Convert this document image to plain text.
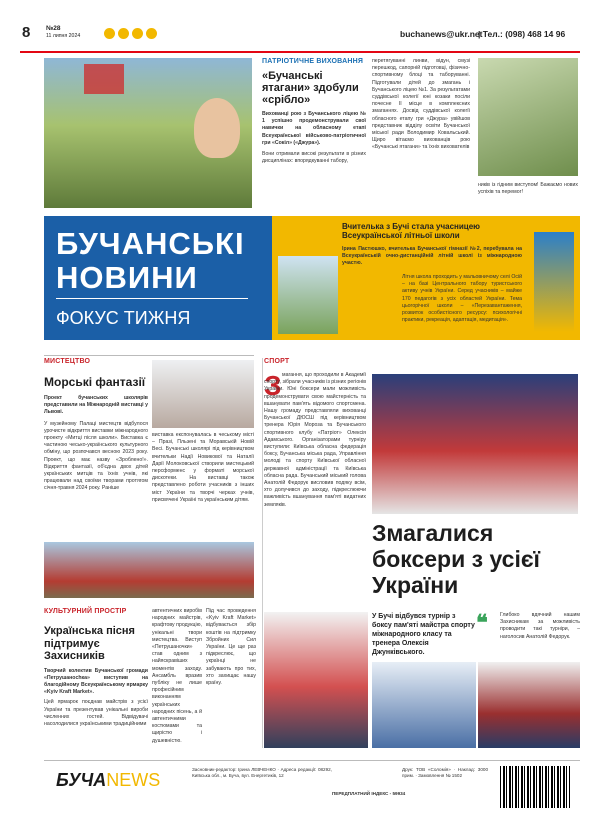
8 №28
11 липня 2024	buchanews@ukr.net
| Тел.: (098) 468 14 96
ПАТРІОТИЧНЕ ВИХОВАННЯ
«Бучанські ятагани» здобули «срібло»
Вихованці рою з Бучанського ліцею № 1 успішно продемонстрували свої навички на обласному етапі Всеукраїнської військово-патріотичної гри «Сокіл» («Джура»).
Вони отримали високі результати в різних дисциплінах: впорядкуванні табору,
перетягуванні линви, відун, смузі перешкод, сапорній підготовці, фізично-спортивному блоці та таборуванні. Підготували дітей до змагань і Бучанського ліцею №1. За результатами суддівської колегії юні козаки посіли почесне ІІ місце в комплексних змаганнях. Досвід суддівської колегії обласного етапу гри «Джура» увійшов представник відділу освіти Бучанської міської ради Володимир Ковальський. Щиро вітаємо вихованців рою «Бучанські ятагани» та їхніх вихователів
ників із гідним виступом! Бажаємо нових успіхів та перемог!
БУЧАНСЬКІ
НОВИНИ
ФОКУС ТИЖНЯ
Вчителька з Бучі стала учасницею Всеукраїнської літньої школи
Ірина Пастюшко, вчителька Бучанської гімназії №2, перебувала на Всеукраїнській очно-дистанційній літній школі із міжнародною участю.
Літня школа проходить у мальовничому селі Осій – на базі Центрального табору туристського активу учнів України. Серед учасників – майже 170 педагогів з усіх областей України. Тема цьогорічної школи – «Перезавантаження, розвиток особистісного ресурсу: психологічні практики, рекреація, адаптація, медитація».
МИСТЕЦТВО
Морські фантазії
Проект бучанських школярів представили на Міжнародній виставці у Львові.
У музейному Палаці мистецтв відбулося урочисте відкриття виставки міжнародного проекту «Митці після школи». Виставка є частиною чесько-українського культурного обміну, що розпочався весною 2023 року. Проект, що має назву «Зроблено!». Відкриття фантазії, об'єдна двох дітей українських митців та їхніх учнів, які працювали над своїми творами протягом січня-травня 2024 року. Раніше
виставка експонувалась в чеському місті – Празі, Пльзені та Моравській Новій Весі. Бучанські школярі під керівництвом вчительки Надії Новикової та Наталії Дарії Молоковської створили мистецький персформенс у форматі морської дискотеки. На виставці також представлено роботи учасників з інших міст України та творчі черках учнів, присвячені Україні та українським дітям.
КУЛЬТУРНИЙ ПРОСТІР
Українська пісня підтримує Захисників
Творчий колектив Бучанської громади «Петрушанochка» виступив на благодійному Всеукраїнському ярмарку «Kyiv Kraft Market».
Цей ярмарок поєднав майстрів з усієї України та презентував унікальні вироби численних гостей. Відвідувачі насолодилися українськими традиційними
автентичних виробів народних майстрів, крафтову продукцію, унікальні твори мистецтва. Виступ «Петрушаночки» став одним з найяскравіших моментів заходу. Ансамбль вразив публіку не лише професійним виконанням українських народних пісень, а й автентичними костюмами та щирістю і душевністю.
Під час проведення «Kyiv Kraft Market» відбувається збір коштів на підтримку Збройних Сил України. Це ще раз підкреслює, що українці не забувають про тих, хто захищає нашу країну.
СПОРТ
З магання, що проходили в Академії спорту, зібрали учасників із різних регіонів України. Юні боксери мали можливість продемонструвати свою майстерність та вшанувати пам'ять відомого спортсмена. Нашу громаду представляли вихованці Бучанської ДЮСШ під керівництвом тренера Юрія Мороза та Бучанського спортивного клубу «Патріот» Олексія Адамського. Організаторами турніру виступили: Київська обласна федерація боксу, Бучанська міська рада, Управління молоді та спорту Київської обласної державної адміністрації та Київська обласна рада. Бучанський міський голова Анатолій Федорук висловив подяку всім, хто долучився до заходу, підкреслюючи важливість вшанування пам'яті видатних земляків.
Змагалися боксери з усієї України
У Бучі відбувся турнір з боксу пам'яті майстра спорту міжнародного класу та тренера Олексія Джунківського.
❝	Глибоко вдячний нашим Захисникам за можливість проводити такі турніри, – наголосив Анатолій Федорук.
БУЧАNEWS
Засновник-редактор: Ірина ЛЕВЧЕНКО · Адреса редакції: 08292, Київська обл., м. Буча, вул. Енергетиків, 12
ПЕРЕДПЛАТНИЙ ІНДЕКС - 59934
Друк: ТОВ «Соломія» · Наклад: 3000 прим. · Замовлення № 1502
